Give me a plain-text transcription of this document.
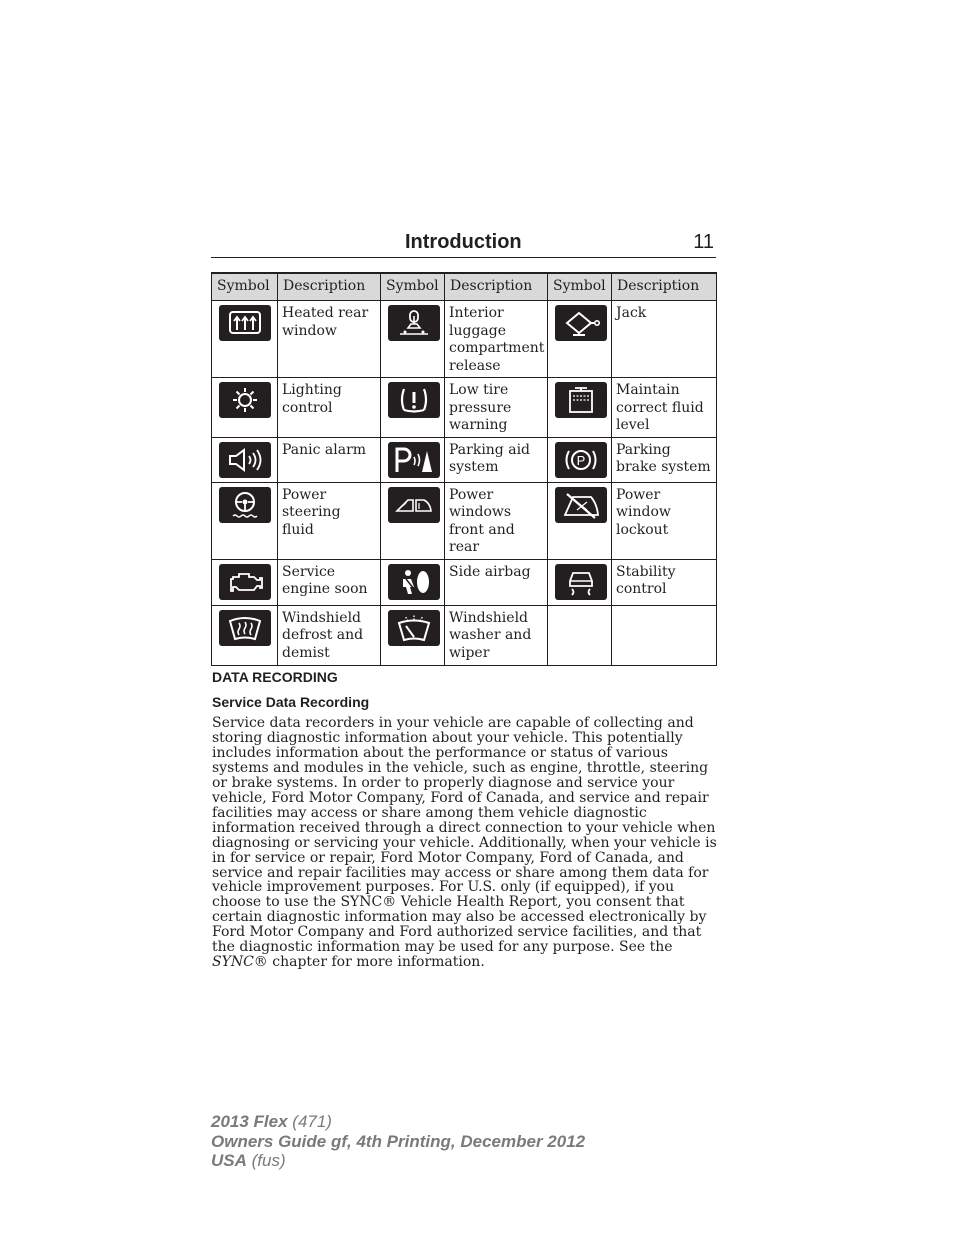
Introduction	11
Symbol	Description	Symbol	Description	Symbol	Description

	Heated rear window		Interior luggage compartment release		Jack

	Lighting control		Low tire pressure warning		Maintain correct fluid level

	Panic alarm		Parking aid system	P	Parking brake system

	Power steering fluid		Power windows front and rear		Power window lockout

	Service engine soon		Side airbag		Stability control

	Windshield defrost and demist		Windshield washer and wiper		
DATA RECORDING
Service Data Recording

Service data recorders in your vehicle are capable of collecting and storing diagnostic information about your vehicle. This potentially includes information about the performance or status of various systems and modules in the vehicle, such as engine, throttle, steering or brake systems. In order to properly diagnose and service your vehicle, Ford Motor Company, Ford of Canada, and service and repair facilities may access or share among them vehicle diagnostic information received through a direct connection to your vehicle when diagnosing or servicing your vehicle. Additionally, when your vehicle is in for service or repair, Ford Motor Company, Ford of Canada, and service and repair facilities may access or share among them data for vehicle improvement purposes. For U.S. only (if equipped), if you choose to use the SYNC® Vehicle Health Report, you consent that certain diagnostic information may also be accessed electronically by Ford Motor Company and Ford authorized service facilities, and that the diagnostic information may be used for any purpose. See the SYNC® chapter for more information.

2013 Flex (471)
Owners Guide gf, 4th Printing, December 2012
USA (fus)
